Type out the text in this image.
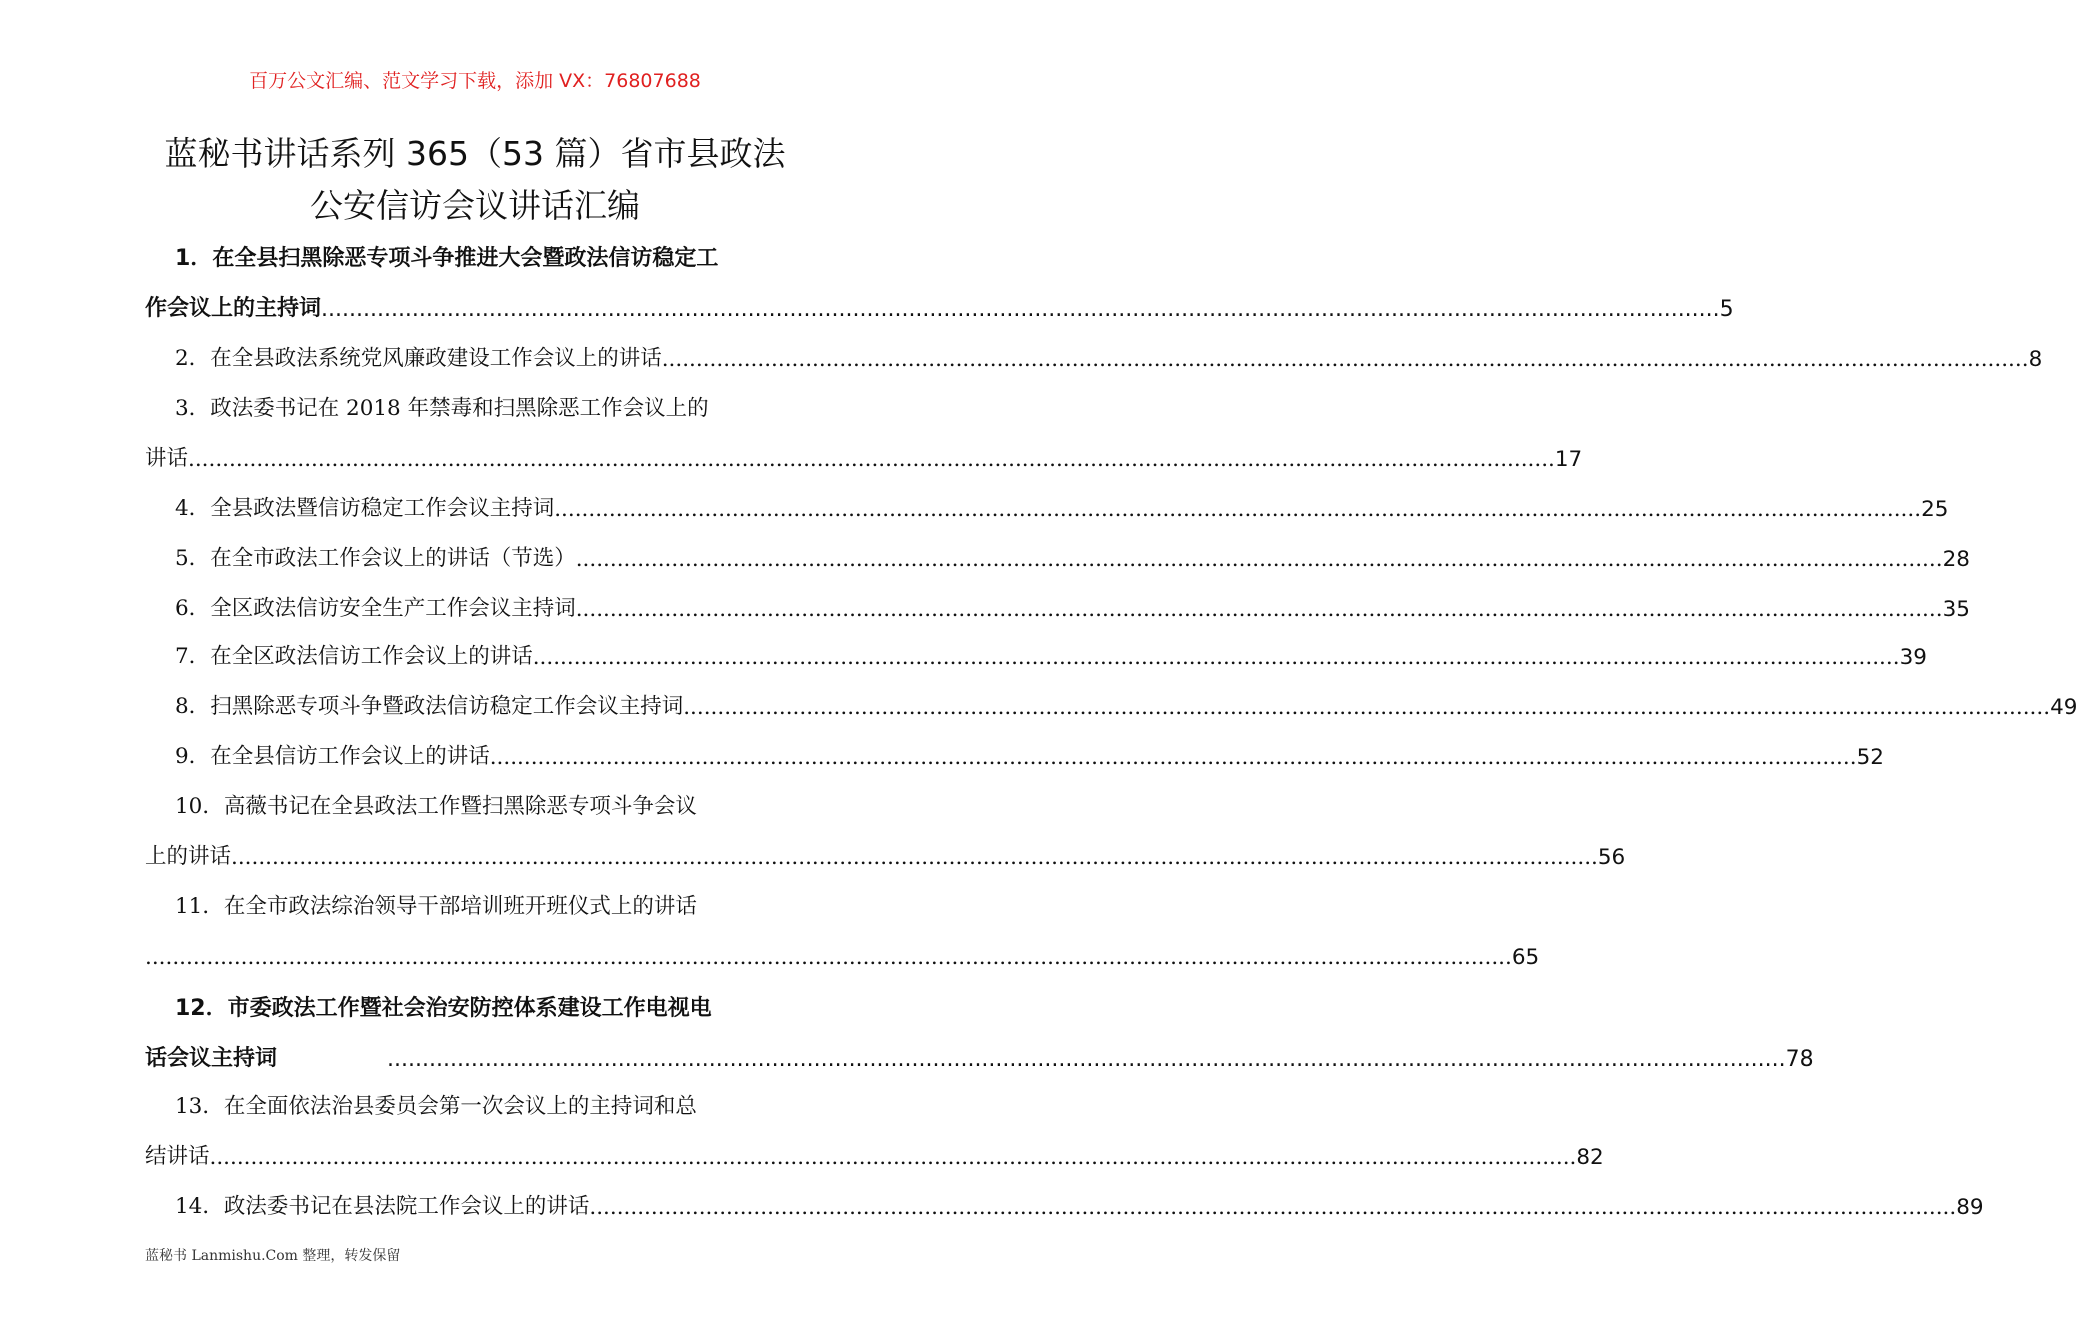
百万公文汇编、范文学习下载，添加 VX：76807688
蓝秘书讲话系列 365（53 篇）省市县政法
公安信访会议讲话汇编
1． 在全县扫黑除恶专项斗争推进大会暨政法信访稳定工
作会议上的主持词 ........................................................................................................................................................................................................ 5
2． 在全县政法系统党风廉政建设工作会议上的讲话 ........................................................................................................................................................................................................ 8
3． 政法委书记在 2018 年禁毒和扫黑除恶工作会议上的
讲话 ........................................................................................................................................................................................................ 17
4． 全县政法暨信访稳定工作会议主持词 ........................................................................................................................................................................................................ 25
5． 在全市政法工作会议上的讲话（节选） ........................................................................................................................................................................................................ 28
6． 全区政法信访安全生产工作会议主持词 ........................................................................................................................................................................................................ 35
7． 在全区政法信访工作会议上的讲话 ........................................................................................................................................................................................................ 39
8． 扫黑除恶专项斗争暨政法信访稳定工作会议主持词 ........................................................................................................................................................................................................ 49
9． 在全县信访工作会议上的讲话 ........................................................................................................................................................................................................ 52
10． 高薇书记在全县政法工作暨扫黑除恶专项斗争会议
上的讲话 ........................................................................................................................................................................................................ 56
11． 在全市政法综治领导干部培训班开班仪式上的讲话
........................................................................................................................................................................................................ 65
12． 市委政法工作暨社会治安防控体系建设工作电视电
话会议主持词	........................................................................................................................................................................................................ 78
13． 在全面依法治县委员会第一次会议上的主持词和总
结讲话 ........................................................................................................................................................................................................ 82
14． 政法委书记在县法院工作会议上的讲话 ........................................................................................................................................................................................................ 89
蓝秘书 Lanmishu.Com 整理，转发保留
